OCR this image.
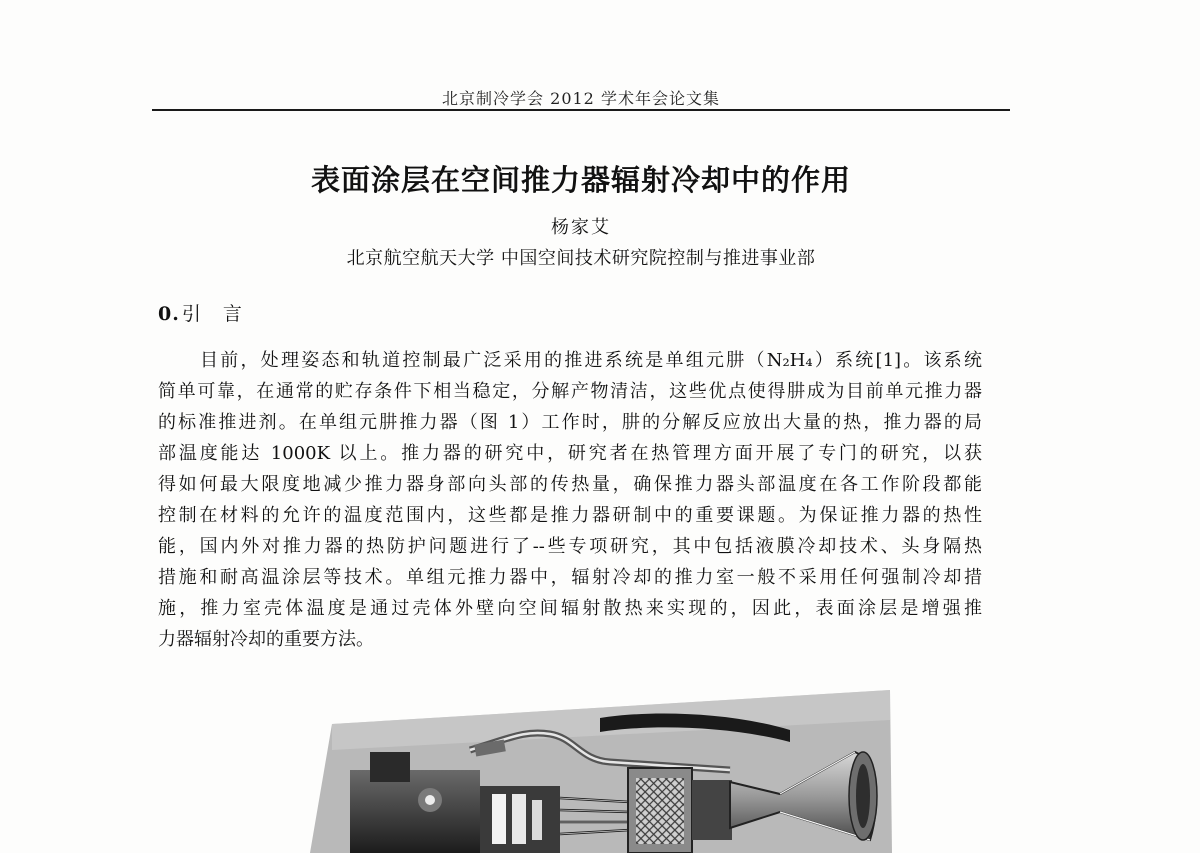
北京制冷学会 2012 学术年会论文集
表面涂层在空间推力器辐射冷却中的作用
杨家艾
北京航空航天大学 中国空间技术研究院控制与推进事业部
0. 引 言
目前，处理姿态和轨道控制最广泛采用的推进系统是单组元肼（N₂H₄）系统[1]。该系统
简单可靠，在通常的贮存条件下相当稳定，分解产物清洁，这些优点使得肼成为目前单元推力器
的标准推进剂。在单组元肼推力器（图 1）工作时，肼的分解反应放出大量的热，推力器的局
部温度能达 1000K 以上。推力器的研究中，研究者在热管理方面开展了专门的研究，以获
得如何最大限度地减少推力器身部向头部的传热量，确保推力器头部温度在各工作阶段都能
控制在材料的允许的温度范围内，这些都是推力器研制中的重要课题。为保证推力器的热性
能，国内外对推力器的热防护问题进行了--些专项研究，其中包括液膜冷却技术、头身隔热
措施和耐高温涂层等技术。单组元推力器中，辐射冷却的推力室一般不采用任何强制冷却措
施，推力室壳体温度是通过壳体外壁向空间辐射散热来实现的，因此，表面涂层是增强推
力器辐射冷却的重要方法。
